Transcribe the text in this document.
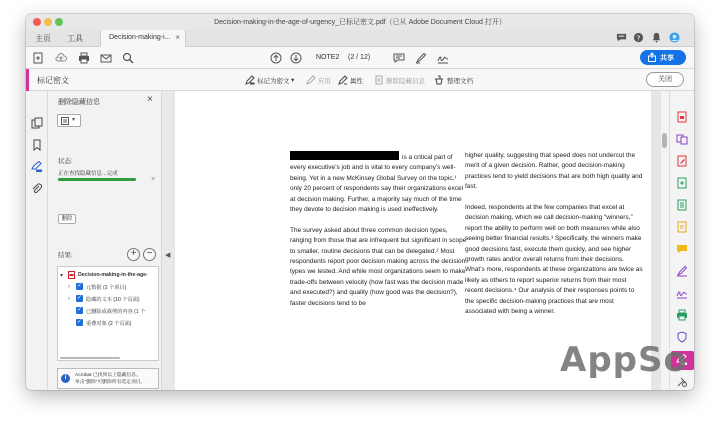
Decision-making-in-the-age-of-urgency_已标记密文.pdf（已从 Adobe Document Cloud 打开）
主页 工具	Decision-making-i... ×	?
NOTE2 (2 / 12)	共享
标记密文	标记为密文 ▾	应用	属性	删除隐藏信息	整理文档	关闭
删除隐藏信息	×
▾
状态:
正在查找隐藏信息...完成
×
删除
结果:	+	−
▾	Decision-making-in-the-age-
› ✓ 元数据 (2 个项目)
› ✓ 隐藏的文本 (10 个页面)
✓ 已删除或裁剪的内容 (1 个
✓ 重叠对象 (2 个页面)
i	Acrobat 已找到以上隐藏信息。
单击“删除”可删除所有选定项目。
◀

is a critical part of every executive’s job and is vital to every company’s well-being. Yet in a new McKinsey Global Survey on the topic,¹ only 20 percent of respondents say their organizations excel at decision making. Further, a majority say much of the time they devote to decision making is used ineffectively.

The survey asked about three common decision types, ranging from those that are infrequent but significant in scope to smaller, routine decisions that can be delegated.² Most respondents report poor decision making across the decision types we tested. And while most organizations seem to make trade-offs between velocity (how fast was the decision made and executed?) and quality (how good was the decision?), faster decisions tend to be

higher quality, suggesting that speed does not undercut the merit of a given decision. Rather, good decision-making practices tend to yield decisions that are both high quality and fast.

Indeed, respondents at the few companies that excel at decision making, which we call decision-making “winners,” report the ability to perform well on both measures while also seeing better financial results.³ Specifically, the winners make good decisions fast, execute them quickly, and see higher growth rates and/or overall returns from their decisions. What’s more, respondents at these organizations are twice as likely as others to report superior returns from their most recent decisions.⁴ Our analysis of their responses points to the specific decision-making practices that are most associated with being a winner.

AppSo
